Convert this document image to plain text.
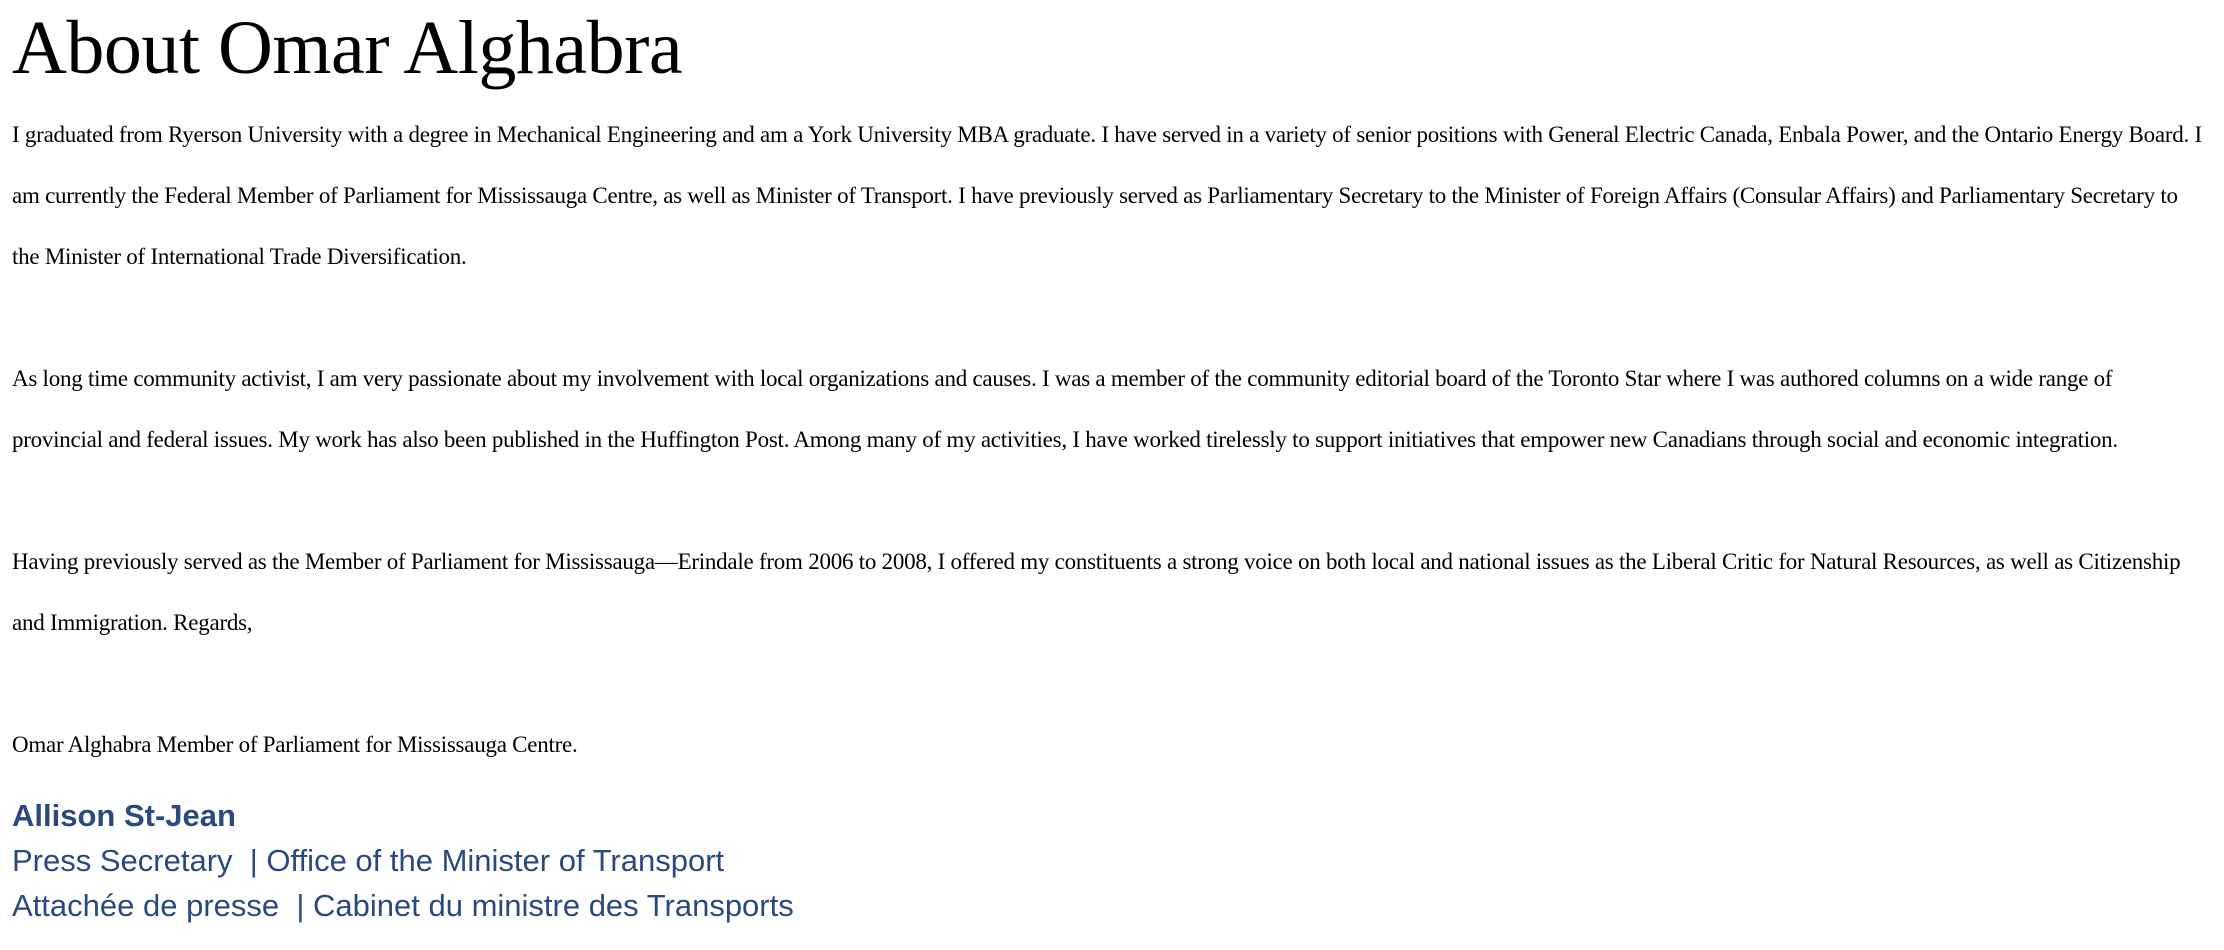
About Omar Alghabra

I graduated from Ryerson University with a degree in Mechanical Engineering and am a York University MBA graduate. I have served in a variety of senior positions with General Electric Canada, Enbala Power, and the Ontario Energy Board. I am currently the Federal Member of Parliament for Mississauga Centre, as well as Minister of Transport. I have previously served as Parliamentary Secretary to the Minister of Foreign Affairs (Consular Affairs) and Parliamentary Secretary to the Minister of International Trade Diversification.

As long time community activist, I am very passionate about my involvement with local organizations and causes. I was a member of the community editorial board of the Toronto Star where I was authored columns on a wide range of provincial and federal issues. My work has also been published in the Huffington Post. Among many of my activities, I have worked tirelessly to support initiatives that empower new Canadians through social and economic integration.

Having previously served as the Member of Parliament for Mississauga—Erindale from 2006 to 2008, I offered my constituents a strong voice on both local and national issues as the Liberal Critic for Natural Resources, as well as Citizenship and Immigration. Regards,

Omar Alghabra Member of Parliament for Mississauga Centre.

Allison St-Jean
Press Secretary  | Office of the Minister of Transport
Attachée de presse  | Cabinet du ministre des Transports
